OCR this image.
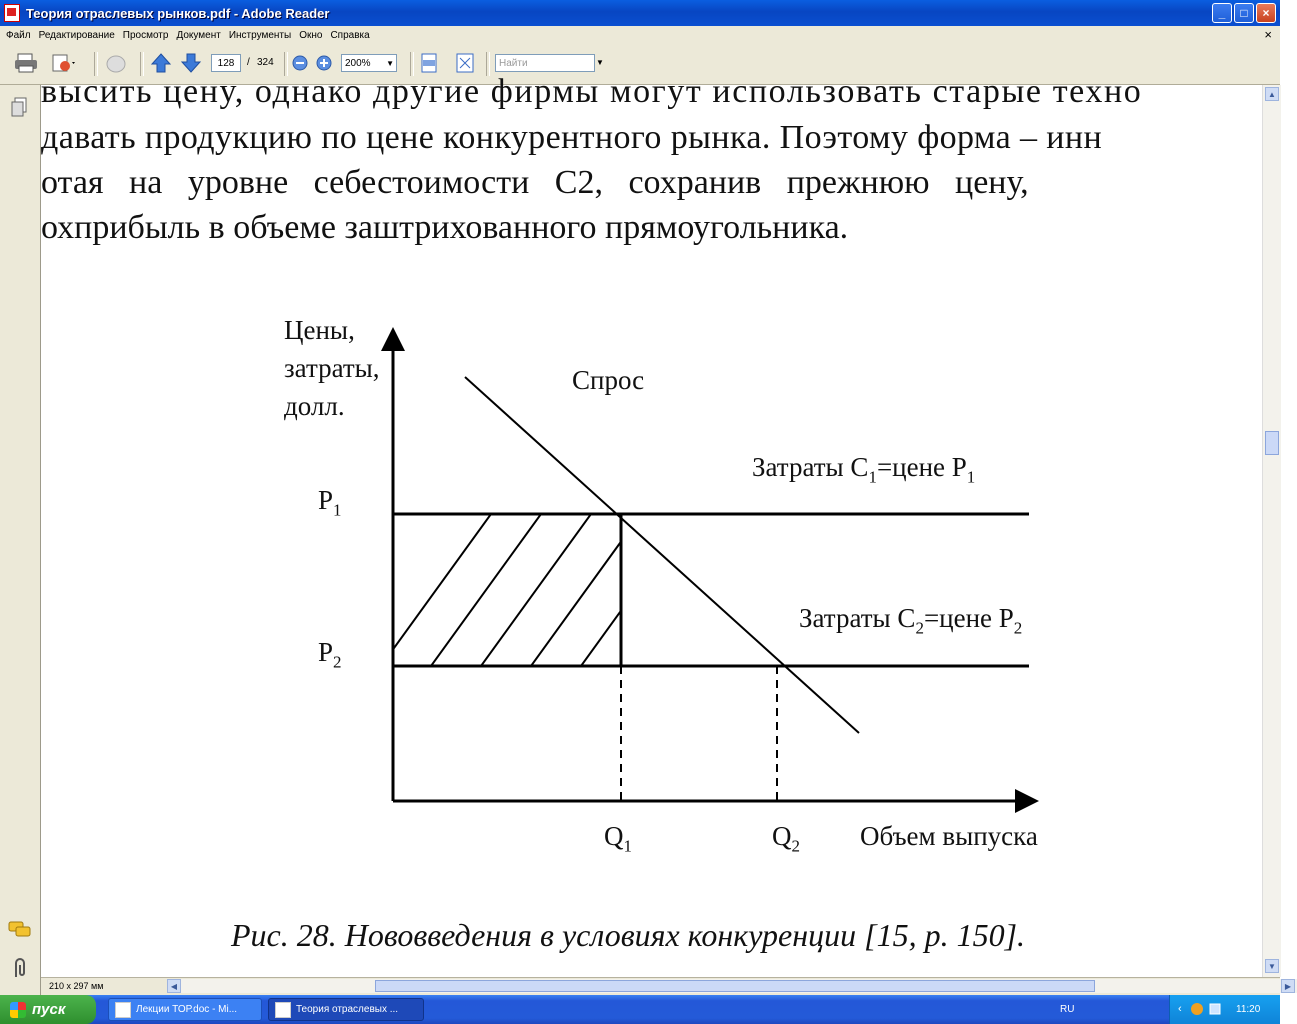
Теория отраслевых рынков.pdf - Adobe Reader	_	□	×
Файл Редактирование Просмотр Документ Инструменты Окно Справка	×
128	/ 324	200% ▼	Найти	▼
высить цену, однако другие фирмы могут использовать старые техно
давать продукцию по цене конкурентного рынка. Поэтому форма – инн
отая   на   уровне   себестоимости   С2,   сохранив   прежнюю   цену,
охприбыль в объеме заштрихованного прямоугольника.
Цены,
затраты,
долл.
Спрос
Затраты $C_1=цене$ $P_1$
Затраты $C_2=цене$ $P_2$
$P_1$
$P_2$
$Q_1$	$Q_2$ Объем выпуска
Рис. 28. Нововведения в условиях конкуренции [15, р. 150].
▲
▼
210 x 297 мм	◀	▶
пуск	Лекции ТОР.doc - Mi...	Теория отраслевых ...	RU	‹	11:20
